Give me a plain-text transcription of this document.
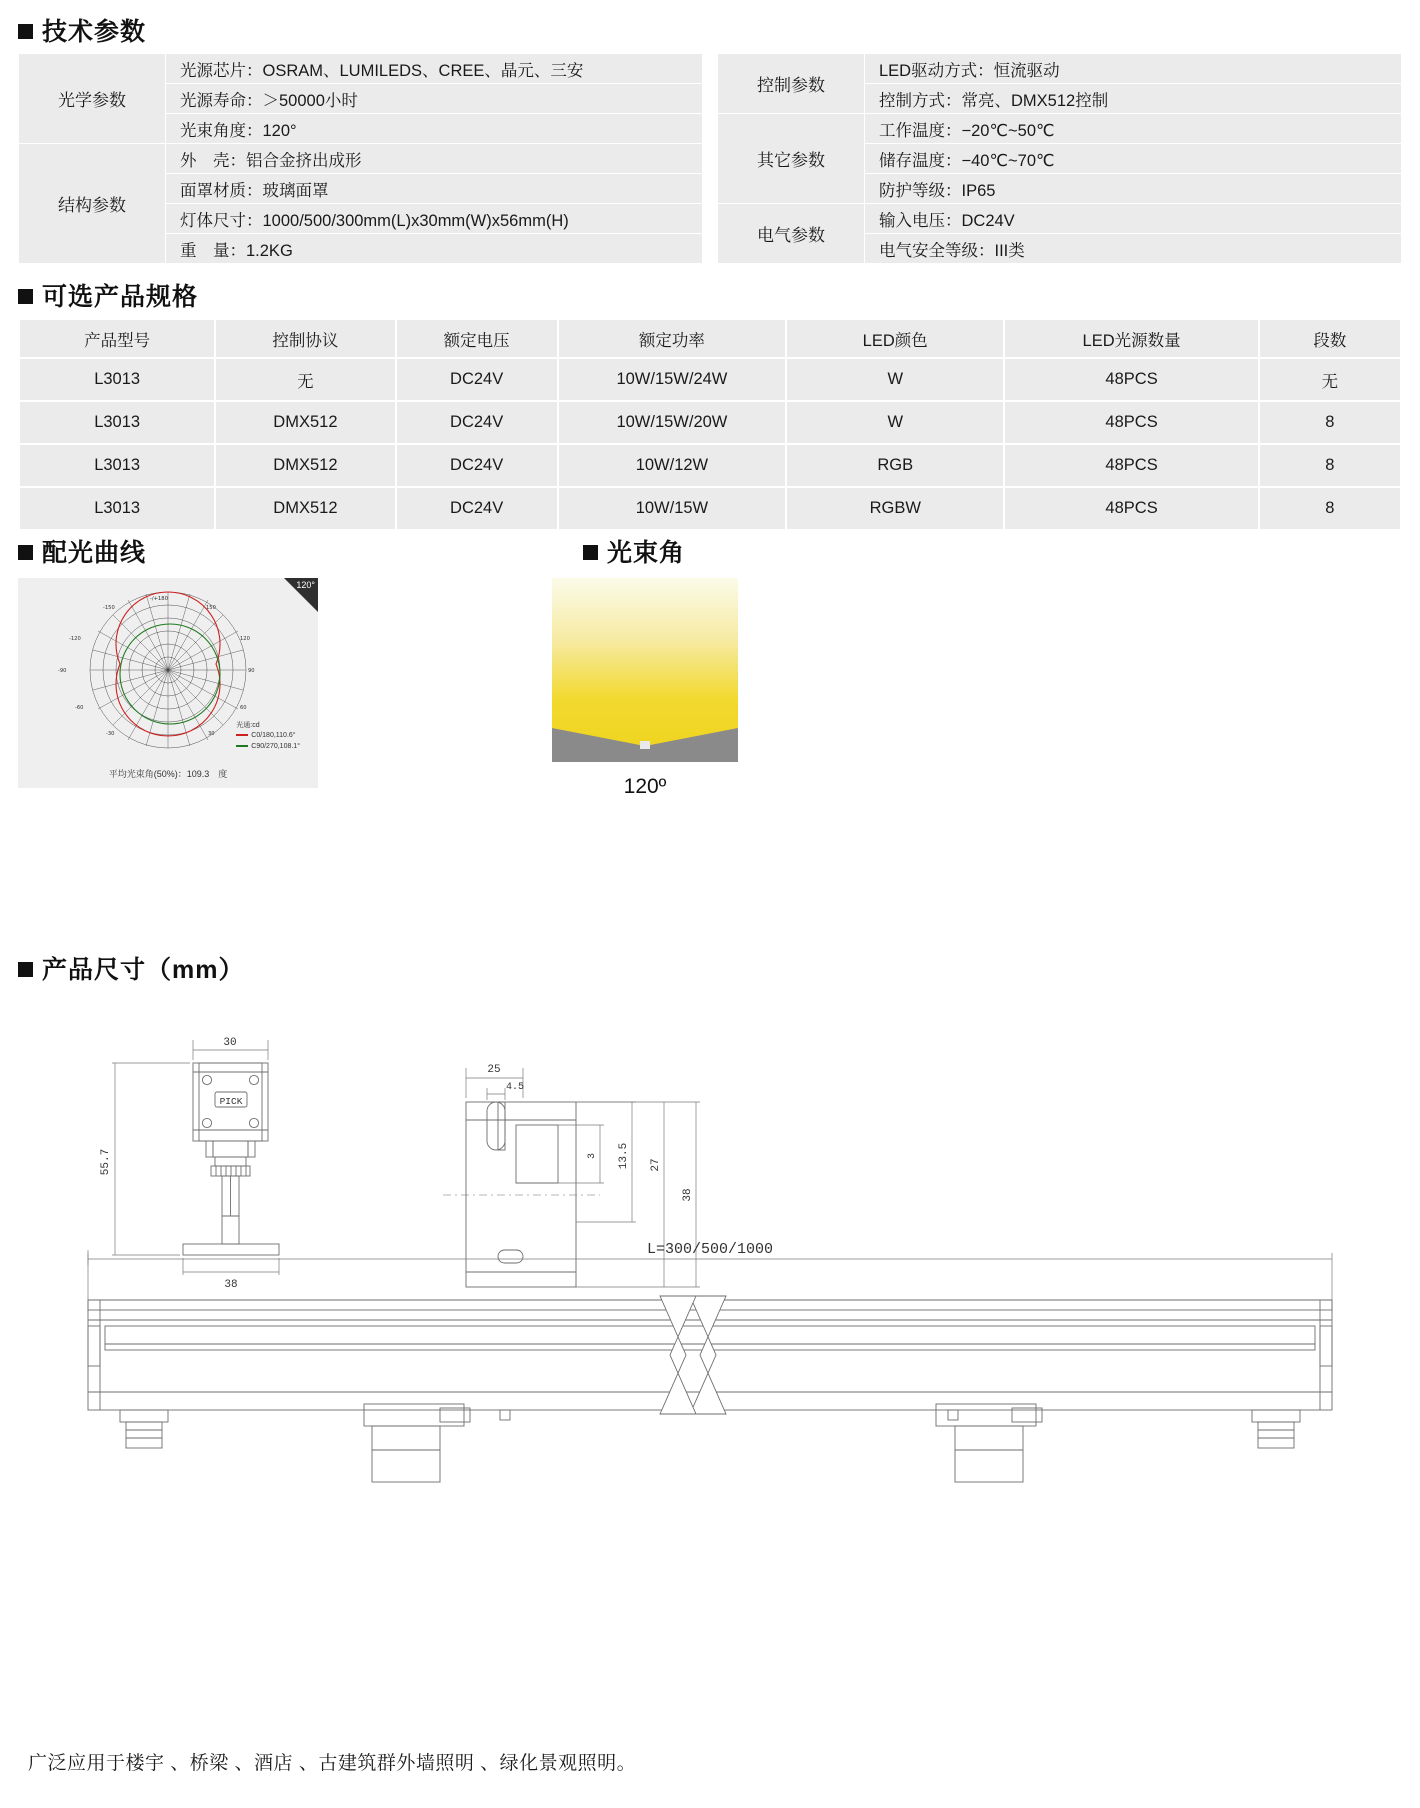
技术参数
光学参数	光源芯片：OSRAM、LUMILEDS、CREE、晶元、三安		控制参数	LED驱动方式：恒流驱动
	光源寿命：＞50000小时			控制方式：常亮、DMX512控制
	光束角度：120°		其它参数	工作温度：−20℃~50℃
结构参数	外　壳：铝合金挤出成形			储存温度：−40℃~70℃
	面罩材质：玻璃面罩			防护等级：IP65
	灯体尺寸：1000/500/300mm(L)x30mm(W)x56mm(H)		电气参数	输入电压：DC24V
	重　量：1.2KG			电气安全等级：III类
可选产品规格
产品型号	控制协议	额定电压	额定功率	LED颜色	LED光源数量	段数
L3013	无	DC24V	10W/15W/24W	W	48PCS	无
L3013	DMX512	DC24V	10W/15W/20W	W	48PCS	8
L3013	DMX512	DC24V	10W/12W	RGB	48PCS	8
L3013	DMX512	DC24V	10W/15W	RGBW	48PCS	8
配光曲线
-/+180
-150	150
-120	120
-90	90
-60	60
-30	30
光通:cd
C0/180,110.6°
C90/270,108.1°
平均光束角(50%)：109.3　度
120°
光束角
120º
产品尺寸（mm）
30
55.7
38
PICK
25
4.5
3 13.5 27
38
L=300/500/1000
广泛应用于楼宇 、桥梁 、酒店 、古建筑群外墙照明 、绿化景观照明。
